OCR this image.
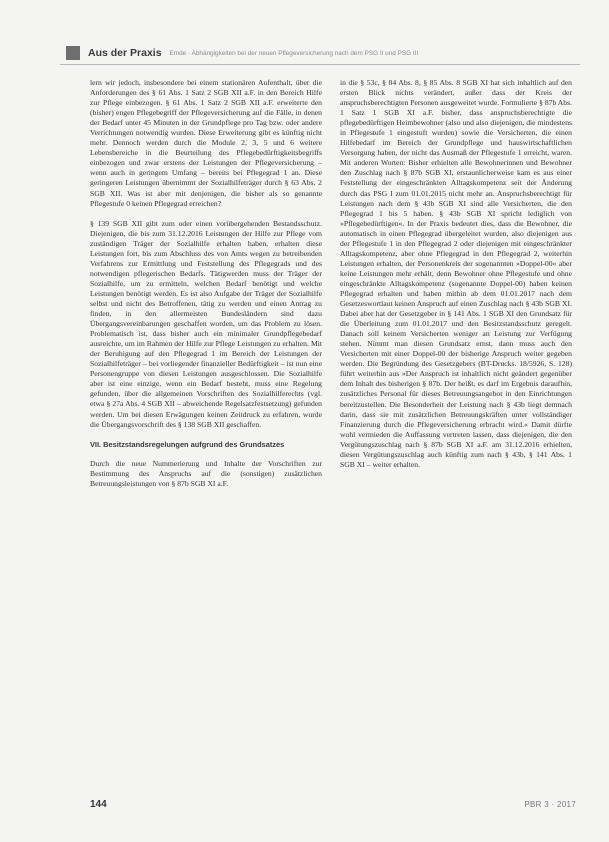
Aus der Praxis Emde · Abhängigkeiten bei der neuen Pflegeversicherung nach dem PSG II und PSG III

lern wir jedoch, insbesondere bei einem stationären Aufenthalt, über die Anforderungen des § 61 Abs. 1 Satz 2 SGB XII a.F. in den Bereich Hilfe zur Pflege einbezogen. § 61 Abs. 1 Satz 2 SGB XII a.F. erweiterte den (bisher) engen Pflegebegriff der Pflegeversicherung auf die Fälle, in denen der Bedarf unter 45 Minuten in der Grundpflege pro Tag bzw. oder andere Verrichtungen notwendig wurden. Diese Erweiterung gibt es künftig nicht mehr. Dennoch werden durch die Module 2, 3, 5 und 6 weitere Lebensbereiche in die Beurteilung des Pflegebedürftigkeitsbegriffs einbezogen und zwar erstens der Leistungen der Pflegeversicherung – wenn auch in geringem Umfang – bereits bei Pflegegrad 1 an. Diese geringeren Leistungen übernimmt der Sozialhilfeträger durch § 63 Abs. 2 SGB XII. Was ist aber mit denjenigen, die bisher als so genannte Pflegestufe 0 keinen Pflegegrad erreichen?

§ 139 SGB XII gibt zum oder einen vorübergehenden Bestandsschutz. Diejenigen, die bis zum 31.12.2016 Leistungen der Hilfe zur Pflege vom zuständigen Träger der Sozialhilfe erhalten haben, erhalten diese Leistungen fort, bis zum Abschluss des von Amts wegen zu betreibenden Verfahrens zur Ermittlung und Feststellung des Pflegegrads und des notwendigen pflegerischen Bedarfs. Tätigwerden muss der Träger der Sozialhilfe, um zu ermitteln, welchen Bedarf benötigt und welche Leistungen benötigt werden. Es ist also Aufgabe der Träger der Sozialhilfe selbst und nicht des Betroffenen, tätig zu werden und einen Antrag zu finden, in den allermeisten Bundesländern sind dazu Übergangsvereinbarungen geschaffen worden, um das Problem zu lösen. Problematisch ist, dass bisher auch ein minimaler Grundpflegebedarf ausreichte, um im Rahmen der Hilfe zur Pflege Leistungen zu erhalten. Mit der Beruhigung auf den Pflegegrad 1 im Bereich der Leistungen der Sozialhilfeträger – bei vorliegender finanzieller Bedürftigkeit – ist nun eine Personengruppe von diesen Leistungen ausgeschlossen. Die Sozialhilfe aber ist eine einzige, wenn ein Bedarf besteht, muss eine Regelung gefunden, über die allgemeinen Vorschriften des Sozialhilferechts (vgl. etwa § 27a Abs. 4 SGB XII – abweichende Regelsatzfestsetzung) gefunden werden. Um bei diesen Erwägungen keinen Zeitdruck zu erfahren, wurde die Übergangsvorschrift des § 138 SGB XII geschaffen.

VII. Besitzstandsregelungen aufgrund des Grundsatzes

Durch die neue Nummerierung und Inhalte der Vorschriften zur Bestimmung des Anspruchs auf die (sonstigen) zusätzlichen Betreuungsleistungen von § 87b SGB XI a.F.

in die § 53c, § 84 Abs. 8, § 85 Abs. 8 SGB XI hat sich inhaltlich auf den ersten Blick nichts verändert, außer dass der Kreis der anspruchsberechtigten Personen ausgeweitet wurde. Formulierte § 87b Abs. 1 Satz 1 SGB XI a.F. bisher, dass anspruchsberechtigte die pflegebedürftigen Heimbewohner (also und also diejenigen, die mindestens in Pflegestufe 1 eingestuft wurden) sowie die Versicherten, die einen Hilfebedarf im Bereich der Grundpflege und hauswirtschaftlichen Versorgung haben, der nicht das Ausmaß der Pflegestufe 1 erreicht, waren. Mit anderen Worten: Bisher erhielten alle Bewohnerinnen und Bewohner den Zuschlag nach § 87b SGB XI, erstaunlicherweise kam es aus einer Feststellung der eingeschränkten Alltagskompetenz seit der Änderung durch das PSG I zum 01.01.2015 nicht mehr an. Anspruchsberechtigt für Leistungen nach dem § 43b SGB XI sind alle Versicherten, die den Pflegegrad 1 bis 5 haben. § 43b SGB XI spricht lediglich von »Pflegebedürftigen«. In der Praxis bedeutet dies, dass die Bewohner, die automatisch in einen Pflegegrad übergeleitet wurden, also diejenigen aus der Pflegestufe 1 in den Pflegegrad 2 oder diejenigen mit eingeschränkter Alltagskompetenz, aber ohne Pflegegrad in den Pflegegrad 2, weiterhin Leistungen erhalten, der Personenkreis der sogenannten »Doppel-00« aber keine Leistungen mehr erhält, denn Bewohner ohne Pflegestufe und ohne eingeschränkte Alltagskompetenz (sogenannte Doppel-00) haben keinen Pflegegrad erhalten und haben mithin ab dem 01.01.2017 nach dem Gesetzeswortlaut keinen Anspruch auf einen Zuschlag nach § 43b SGB XI. Dabei aber hat der Gesetzgeber in § 141 Abs. 1 SGB XI den Grundsatz für die Überleitung zum 01.01.2017 und den Besitzstandsschutz geregelt. Danach soll keinem Versicherten weniger an Leistung zur Verfügung stehen. Nimmt man diesen Grundsatz ernst, dann muss auch den Versicherten mit einer Doppel-00 der bisherige Anspruch weiter gegeben werden. Die Begründung des Gesetzgebers (BT-Drucks. 18/5926, S. 128) führt weiterhin aus »Der Anspruch ist inhaltlich nicht geändert gegenüber dem Inhalt des bisherigen § 87b. Der heißt, es darf im Ergebnis daraufhin, zusätzliches Personal für dieses Betreuungsangebot in den Einrichtungen bereitzustellen. Die Besonderheit der Leistung nach § 43b liegt demnach darin, dass sie mit zusätzlichen Betreuungskräften unter vollständiger Finanzierung durch die Pflegeversicherung erbracht wird.« Damit dürfte wohl vermieden die Auffassung vertreten lassen, dass diejenigen, die den Vergütungszuschlag nach § 87b SGB XI a.F. am 31.12.2016 erhielten, diesen Vergütungszuschlag auch künftig zum nach § 43b, § 141 Abs. 1 SGB XI – weiter erhalten.

144	PBR 3 · 2017
